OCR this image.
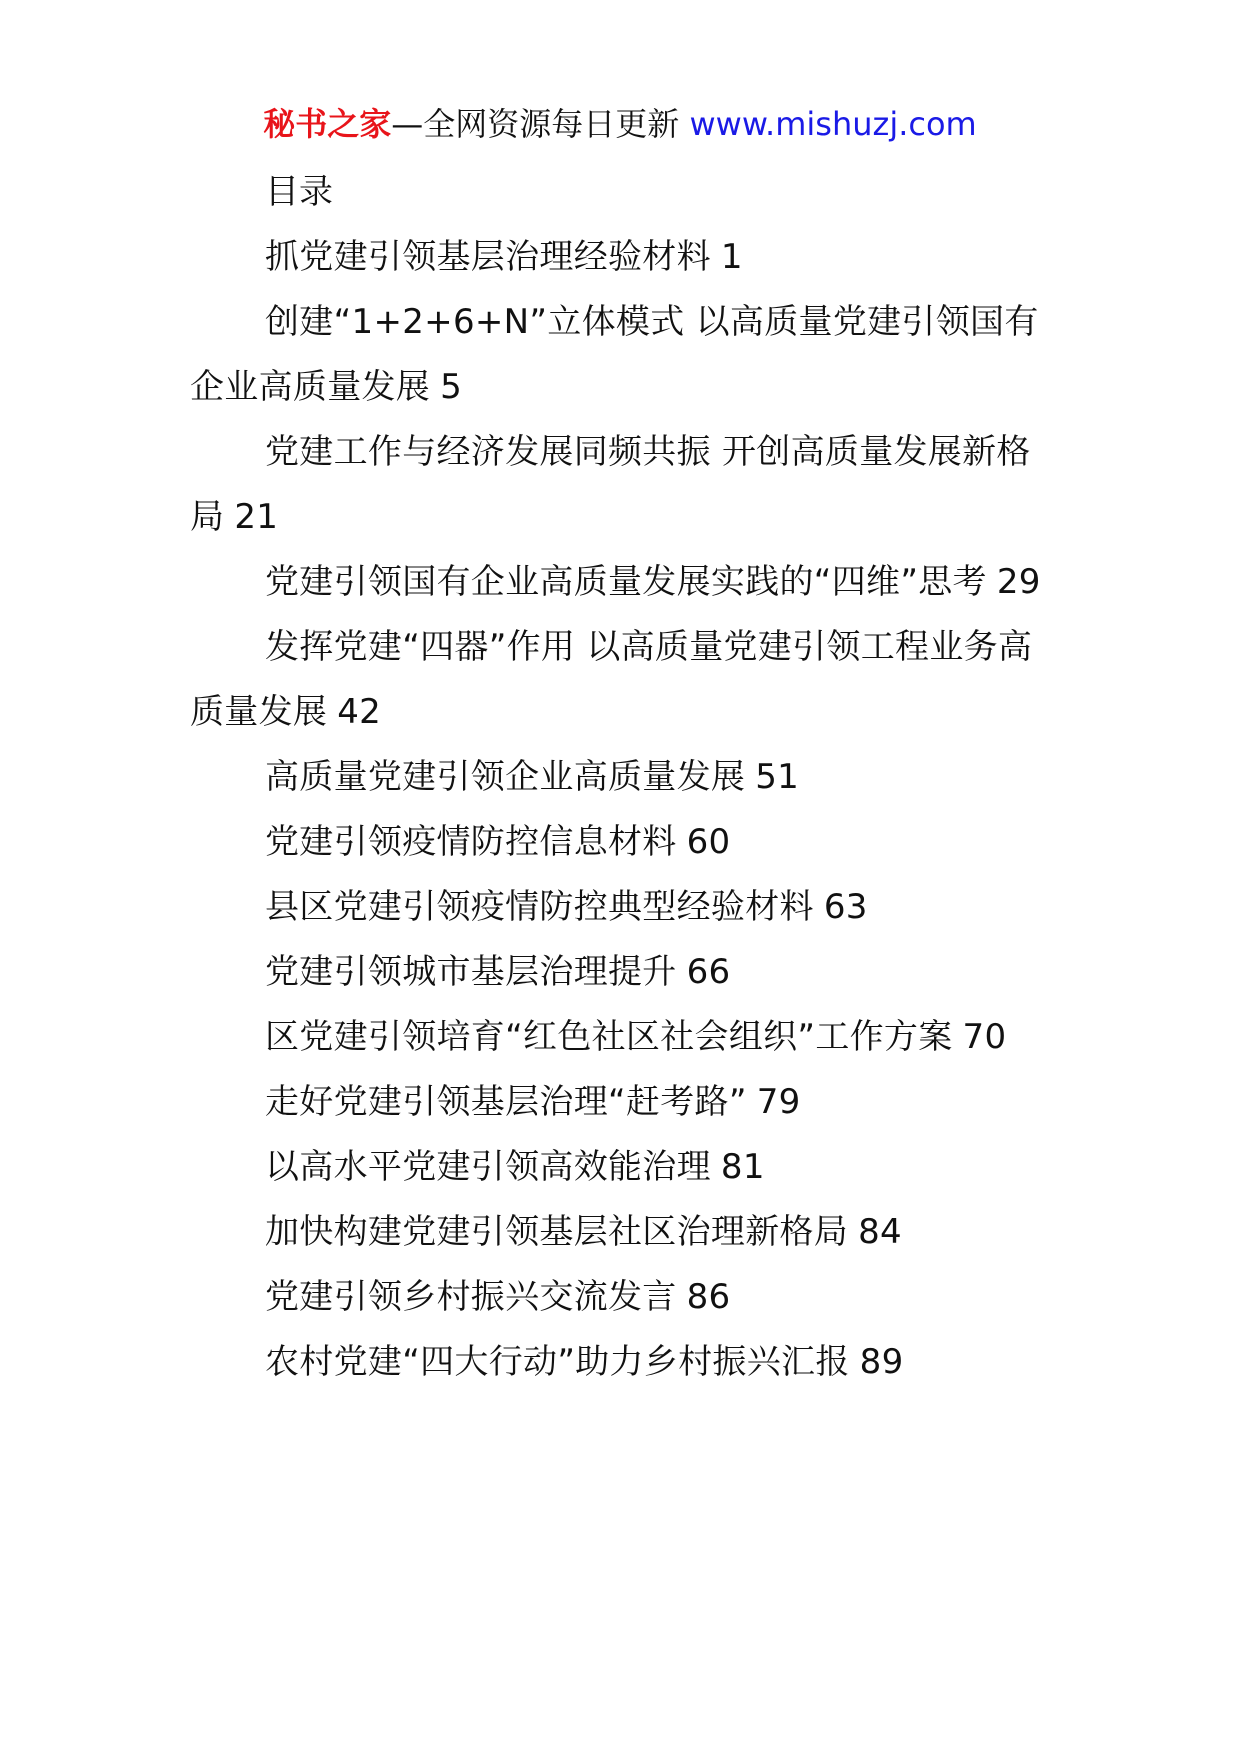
秘书之家—全网资源每日更新 www.mishuzj.com
目录
抓党建引领基层治理经验材料 1
创建“1+2+6+N”立体模式 以高质量党建引领国有企业高质量发展 5
党建工作与经济发展同频共振 开创高质量发展新格局 21
党建引领国有企业高质量发展实践的“四维”思考 29
发挥党建“四器”作用 以高质量党建引领工程业务高质量发展 42
高质量党建引领企业高质量发展 51
党建引领疫情防控信息材料 60
县区党建引领疫情防控典型经验材料 63
党建引领城市基层治理提升 66
区党建引领培育“红色社区社会组织”工作方案 70
走好党建引领基层治理“赶考路” 79
以高水平党建引领高效能治理 81
加快构建党建引领基层社区治理新格局 84
党建引领乡村振兴交流发言 86
农村党建“四大行动”助力乡村振兴汇报 89
